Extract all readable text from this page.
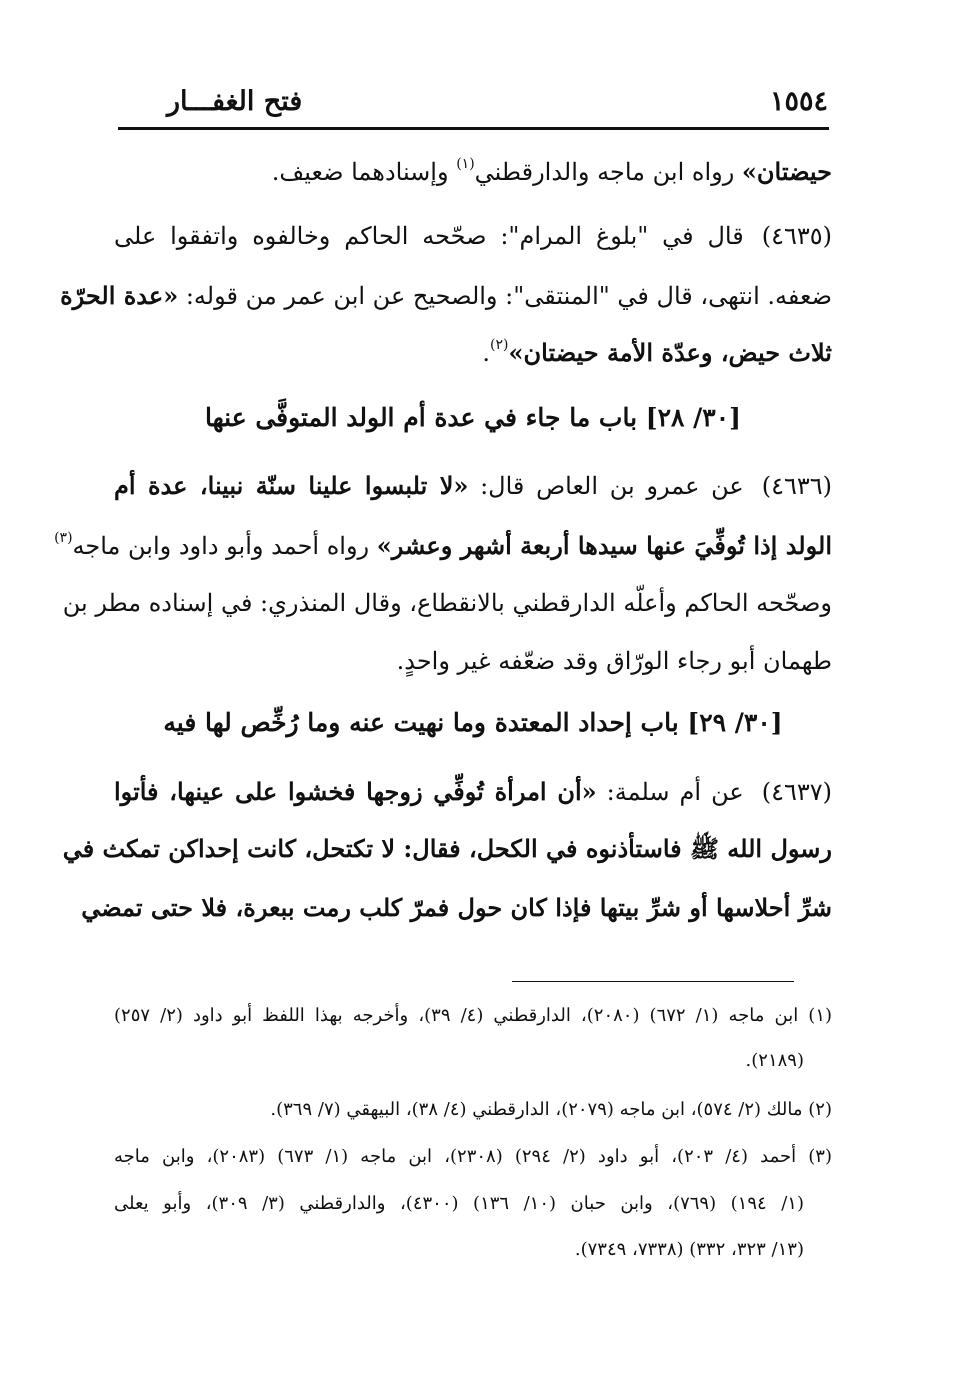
١٥٥٤
فتح الغفـــار
حيضتان» رواه ابن ماجه والدارقطني$^{(١)}$ وإسنادهما ضعيف.
(٤٦٣٥)قال في "بلوغ المرام": صحّحه الحاكم وخالفوه واتفقوا على
ضعفه. انتهى، قال في "المنتقى": والصحيح عن ابن عمر من قوله: «عدة الحرّة
ثلاث حيض، وعدّة الأمة حيضتان»$^{(٢)}$.
[٣٠/ ٢٨] باب ما جاء في عدة أم الولد المتوفَّى عنها
(٤٦٣٦)عن عمرو بن العاص قال: «لا تلبسوا علينا سنّة نبينا، عدة أم
الولد إذا تُوفِّيَ عنها سيدها أربعة أشهر وعشر» رواه أحمد وأبو داود وابن ماجه$^{(٣)}$
وصحّحه الحاكم وأعلّه الدارقطني بالانقطاع، وقال المنذري: في إسناده مطر بن
طهمان أبو رجاء الورّاق وقد ضعّفه غير واحدٍ.
[٣٠/ ٢٩] باب إحداد المعتدة وما نهيت عنه وما رُخِّص لها فيه
(٤٦٣٧)عن أم سلمة: «أن امرأة تُوفِّي زوجها فخشوا على عينها، فأتوا
رسول الله ﷺ فاستأذنوه في الكحل، فقال: لا تكتحل، كانت إحداكن تمكث في
شرِّ أحلاسها أو شرِّ بيتها فإذا كان حول فمرّ كلب رمت ببعرة، فلا حتى تمضي
(١) ابن ماجه (١/ ٦٧٢) (٢٠٨٠)، الدارقطني (٤/ ٣٩)، وأخرجه بهذا اللفظ أبو داود (٢/ ٢٥٧)
(٢١٨٩).
(٢) مالك (٢/ ٥٧٤)، ابن ماجه (٢٠٧٩)، الدارقطني (٤/ ٣٨)، البيهقي (٧/ ٣٦٩).
(٣) أحمد (٤/ ٢٠٣)، أبو داود (٢/ ٢٩٤) (٢٣٠٨)، ابن ماجه (١/ ٦٧٣) (٢٠٨٣)، وابن ماجه
(١/ ١٩٤) (٧٦٩)، وابن حبان (١٠/ ١٣٦) (٤٣٠٠)، والدارقطني (٣/ ٣٠٩)، وأبو يعلى
(١٣/ ٣٢٣، ٣٣٢) (٧٣٣٨، ٧٣٤٩).
